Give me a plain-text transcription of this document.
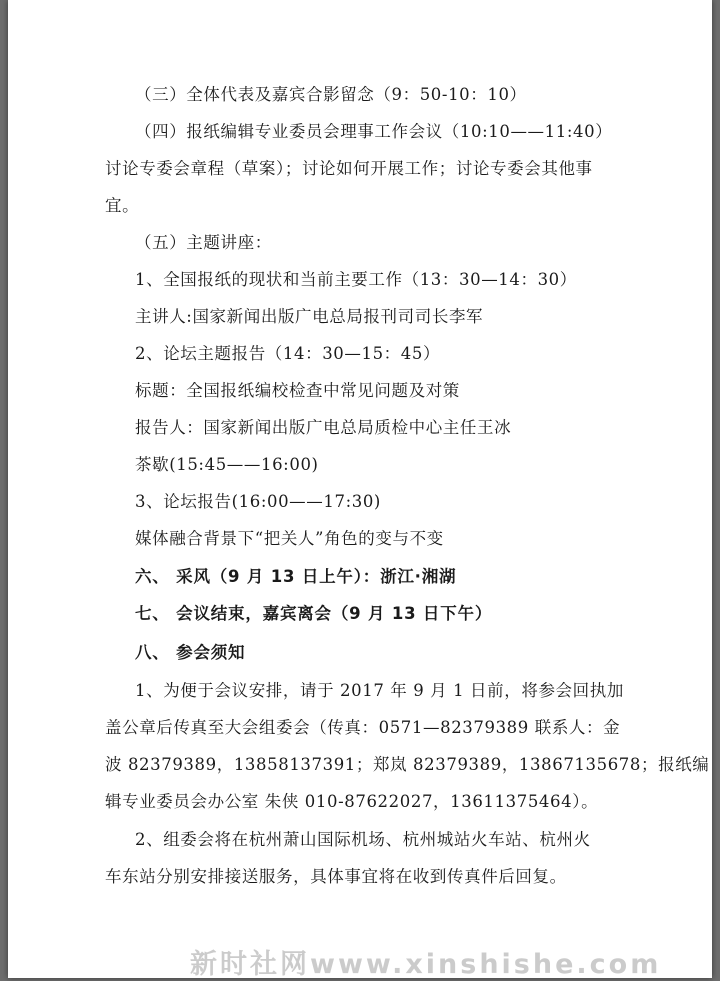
（三）全体代表及嘉宾合影留念（9：50-10：10）
（四）报纸编辑专业委员会理事工作会议（10:10——11:40）
讨论专委会章程（草案）；讨论如何开展工作；讨论专委会其他事
宜。
（五）主题讲座：
1、全国报纸的现状和当前主要工作（13：30—14：30）
主讲人:国家新闻出版广电总局报刊司司长李军
2、论坛主题报告（14：30—15：45）
标题：全国报纸编校检查中常见问题及对策
报告人：国家新闻出版广电总局质检中心主任王冰
茶歇(15:45——16:00)
3、论坛报告(16:00——17:30)
媒体融合背景下“把关人”角色的变与不变
六、 采风（9 月 13 日上午）：浙江·湘湖
七、 会议结束，嘉宾离会（9 月 13 日下午）
八、 参会须知
1、为便于会议安排，请于 2017 年 9 月 1 日前，将参会回执加
盖公章后传真至大会组委会（传真：0571—82379389 联系人：金
波 82379389，13858137391；郑岚 82379389，13867135678；报纸编
辑专业委员会办公室 朱侠 010-87622027，13611375464）。
2、组委会将在杭州萧山国际机场、杭州城站火车站、杭州火
车东站分别安排接送服务，具体事宜将在收到传真件后回复。
新时社网www.xinshishe.com
